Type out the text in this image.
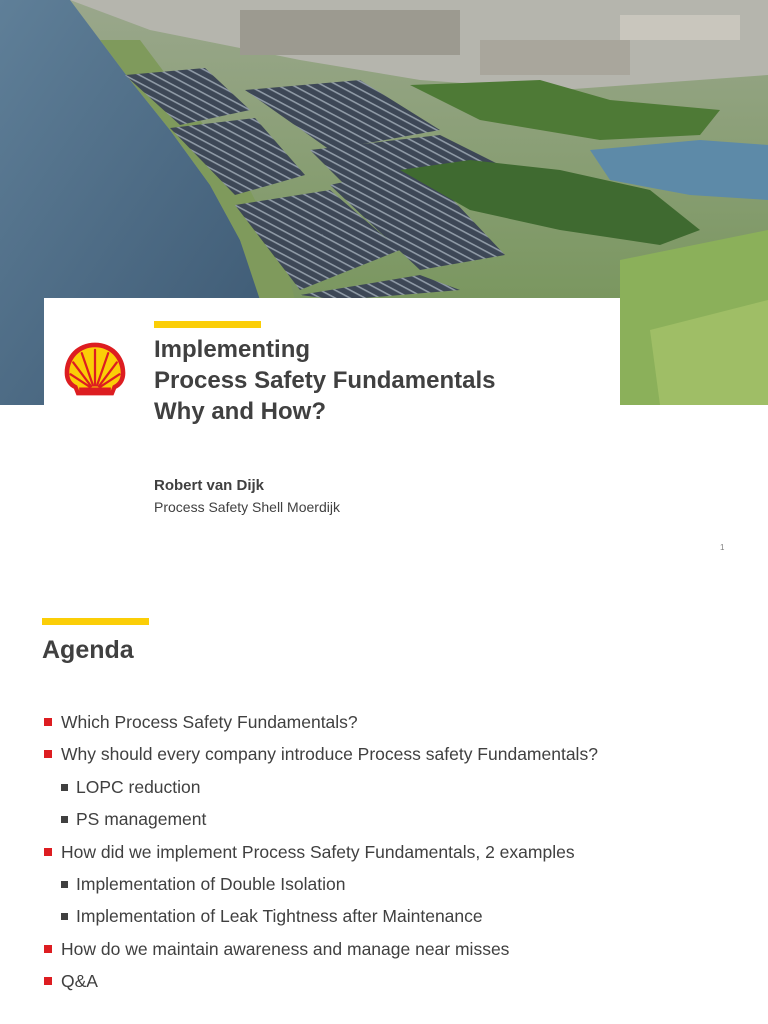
Implementing
Process Safety Fundamentals
Why and How?
Robert van Dijk
Process Safety Shell Moerdijk
1
Agenda
Which Process Safety Fundamentals?
Why should every company introduce Process safety Fundamentals?
LOPC reduction
PS management
How did we implement Process Safety Fundamentals, 2 examples
Implementation of Double Isolation
Implementation of Leak Tightness after Maintenance
How do we maintain awareness and manage near misses
Q&A
